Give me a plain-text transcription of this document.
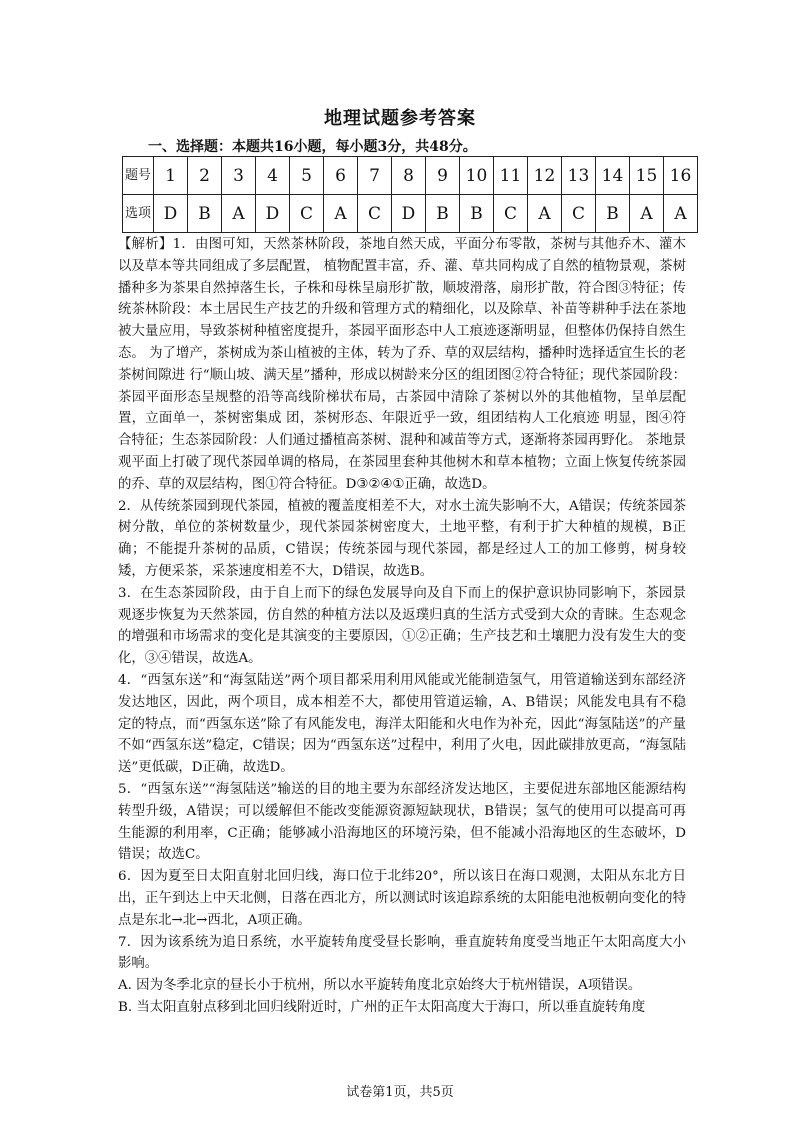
地理试题参考答案
一、选择题：本题共16小题，每小题3分，共48分。
题号	1	2	3	4	5	6	7	8	9	10	11	12	13	14	15	16
选项	D	B	A	D	C	A	C	D	B	B	C	A	C	B	A	A

【解析】1．由图可知，天然茶林阶段，茶地自然天成，平面分布零散，茶树与其他乔木、灌木以及草本等共同组成了多层配置， 植物配置丰富，乔、灌、草共同构成了自然的植物景观，茶树播种多为茶果自然掉落生长，子株和母株呈扇形扩散，顺坡滑落，扇形扩散，符合图③特征；传统茶林阶段：本土居民生产技艺的升级和管理方式的精细化，以及除草、补苗等耕种手法在茶地被大量应用，导致茶树种植密度提升，茶园平面形态中人工痕迹逐渐明显，但整体仍保持自然生态。 为了增产，茶树成为茶山植被的主体，转为了乔、草的双层结构，播种时选择适宜生长的老茶树间隙进 行“顺山坡、满天星”播种，形成以树龄来分区的组团图②符合特征；现代茶园阶段：茶园平面形态呈规整的沿等高线阶梯状布局，古茶园中清除了茶树以外的其他植物，呈单层配置，立面单一，茶树密集成 团，茶树形态、年限近乎一致，组团结构人工化痕迹 明显，图④符合特征；生态茶园阶段：人们通过播植高茶树、混种和减苗等方式，逐渐将茶园再野化。 茶地景观平面上打破了现代茶园单调的格局，在茶园里套种其他树木和草本植物；立面上恢复传统茶园的乔、草的双层结构，图①符合特征。D③②④①正确，故选D。

2．从传统茶园到现代茶园，植被的覆盖度相差不大，对水土流失影响不大，A错误；传统茶园茶树分散，单位的茶树数量少，现代茶园茶树密度大，土地平整，有利于扩大种植的规模，B正确；不能提升茶树的品质，C错误；传统茶园与现代茶园，都是经过人工的加工修剪，树身较矮，方便采茶，采茶速度相差不大，D错误，故选B。

3．在生态茶园阶段，由于自上而下的绿色发展导向及自下而上的保护意识协同影响下，茶园景观逐步恢复为天然茶园，仿自然的种植方法以及返璞归真的生活方式受到大众的青睐。生态观念的增强和市场需求的变化是其演变的主要原因，①②正确；生产技艺和土壤肥力没有发生大的变化，③④错误，故选A。

4．“西氢东送”和“海氢陆送”两个项目都采用利用风能或光能制造氢气，用管道输送到东部经济发达地区，因此，两个项目，成本相差不大，都使用管道运输，A、B错误；风能发电具有不稳定的特点，而“西氢东送”除了有风能发电，海洋太阳能和火电作为补充，因此“海氢陆送”的产量不如“西氢东送”稳定，C错误；因为“西氢东送”过程中，利用了火电，因此碳排放更高，“海氢陆送”更低碳，D正确，故选D。

5．“西氢东送”“海氢陆送”输送的目的地主要为东部经济发达地区，主要促进东部地区能源结构转型升级，A错误；可以缓解但不能改变能源资源短缺现状，B错误；氢气的使用可以提高可再生能源的利用率，C正确；能够减小沿海地区的环境污染，但不能减小沿海地区的生态破坏，D错误；故选C。

6．因为夏至日太阳直射北回归线，海口位于北纬20°，所以该日在海口观测，太阳从东北方日出，正午到达上中天北侧，日落在西北方，所以测试时该追踪系统的太阳能电池板朝向变化的特点是东北→北→西北，A项正确。

7．因为该系统为追日系统，水平旋转角度受昼长影响，垂直旋转角度受当地正午太阳高度大小影响。

A. 因为冬季北京的昼长小于杭州，所以水平旋转角度北京始终大于杭州错误，A项错误。

B. 当太阳直射点移到北回归线附近时，广州的正午太阳高度大于海口，所以垂直旋转角度

试卷第1页，共5页
